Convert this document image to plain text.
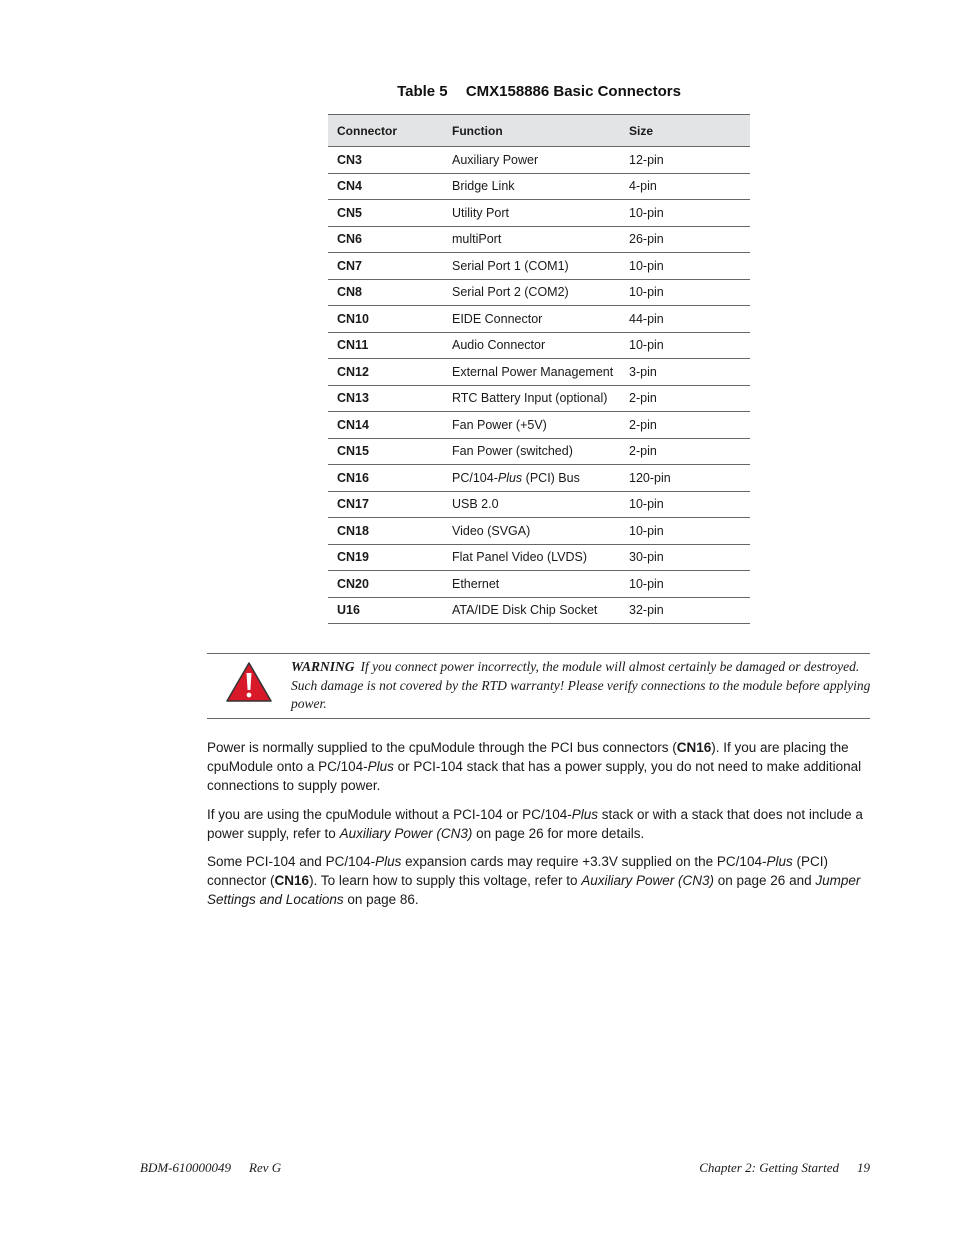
Table 5 CMX158886 Basic Connectors
Connector	Function	Size
CN3	Auxiliary Power	12-pin
CN4	Bridge Link	4-pin
CN5	Utility Port	10-pin
CN6	multiPort	26-pin
CN7	Serial Port 1 (COM1)	10-pin
CN8	Serial Port 2 (COM2)	10-pin
CN10	EIDE Connector	44-pin
CN11	Audio Connector	10-pin
CN12	External Power Management	3-pin
CN13	RTC Battery Input (optional)	2-pin
CN14	Fan Power (+5V)	2-pin
CN15	Fan Power (switched)	2-pin
CN16	PC/104-Plus (PCI) Bus	120-pin
CN17	USB 2.0	10-pin
CN18	Video (SVGA)	10-pin
CN19	Flat Panel Video (LVDS)	30-pin
CN20	Ethernet	10-pin
U16	ATA/IDE Disk Chip Socket	32-pin
WARNING If you connect power incorrectly, the module will almost certainly be damaged or destroyed. Such damage is not covered by the RTD warranty! Please verify connections to the module before applying power.

Power is normally supplied to the cpuModule through the PCI bus connectors (CN16). If you are placing the cpuModule onto a PC/104-Plus or PCI-104 stack that has a power supply, you do not need to make additional connections to supply power.

If you are using the cpuModule without a PCI-104 or PC/104-Plus stack or with a stack that does not include a power supply, refer to Auxiliary Power (CN3) on page 26 for more details.

Some PCI-104 and PC/104-Plus expansion cards may require +3.3V supplied on the PC/104-Plus (PCI) connector (CN16). To learn how to supply this voltage, refer to Auxiliary Power (CN3) on page 26 and Jumper Settings and Locations on page 86.

BDM-610000049 Rev G	Chapter 2: Getting Started 19
